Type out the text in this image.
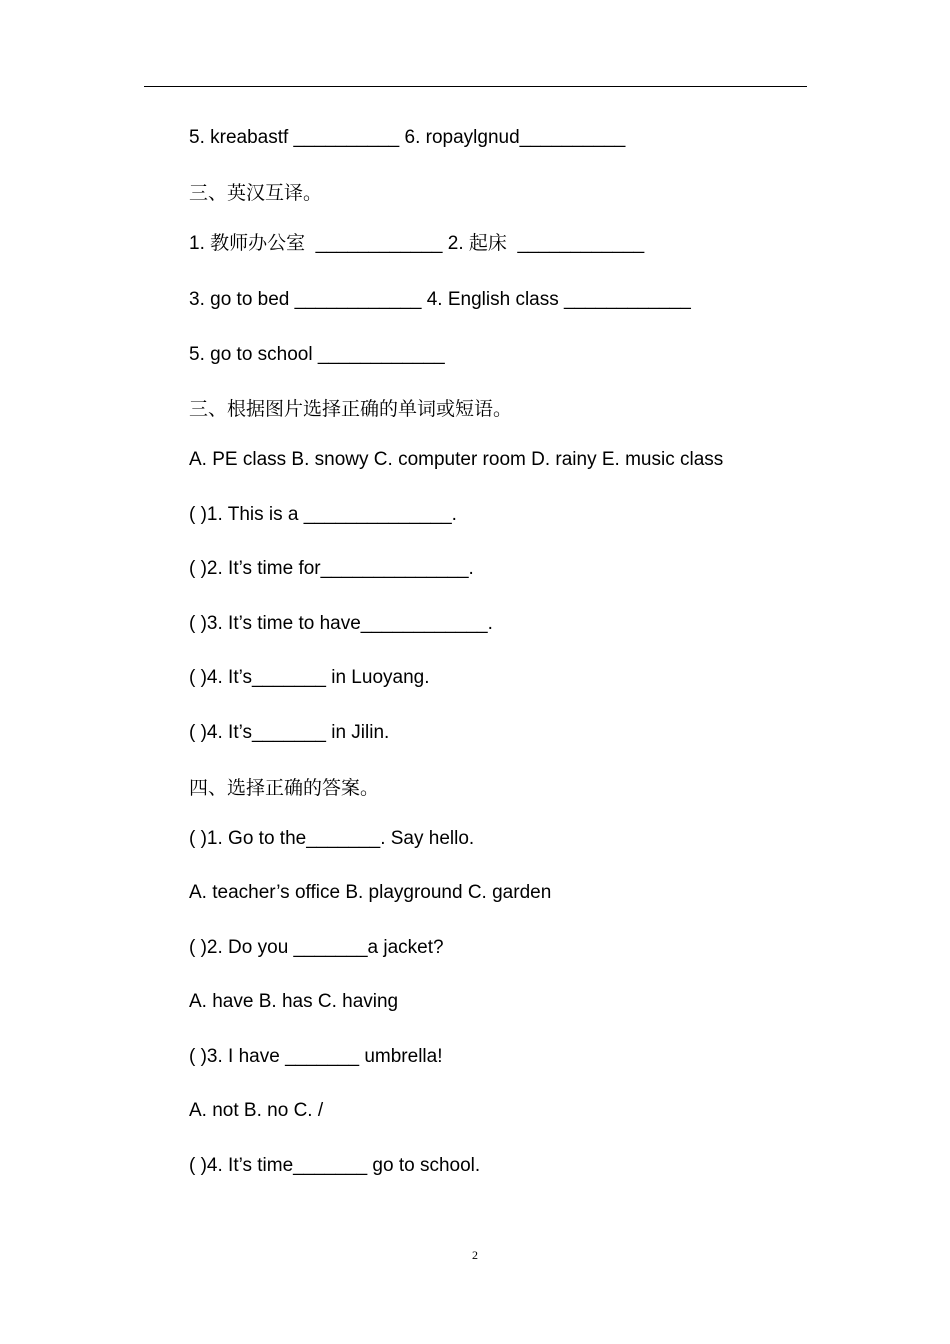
5. kreabastf __________ 6. ropaylgnud__________
三、英汉互译。
1. 教师办公室  ____________ 2. 起床  ____________
3. go to bed ____________ 4. English class ____________
5. go to school ____________
三、根据图片选择正确的单词或短语。
A. PE class B. snowy C. computer room D. rainy E. music class
( )1. This is a ______________.
( )2. It’s time for______________.
( )3. It’s time to have____________.
( )4. It’s_______ in Luoyang.
( )4. It’s_______ in Jilin.
四、选择正确的答案。
( )1. Go to the_______. Say hello.
A. teacher’s office B. playground C. garden
( )2. Do you _______a jacket?
A. have B. has C. having
( )3. I have _______ umbrella!
A. not B. no C. /
( )4. It’s time_______ go to school.
2
